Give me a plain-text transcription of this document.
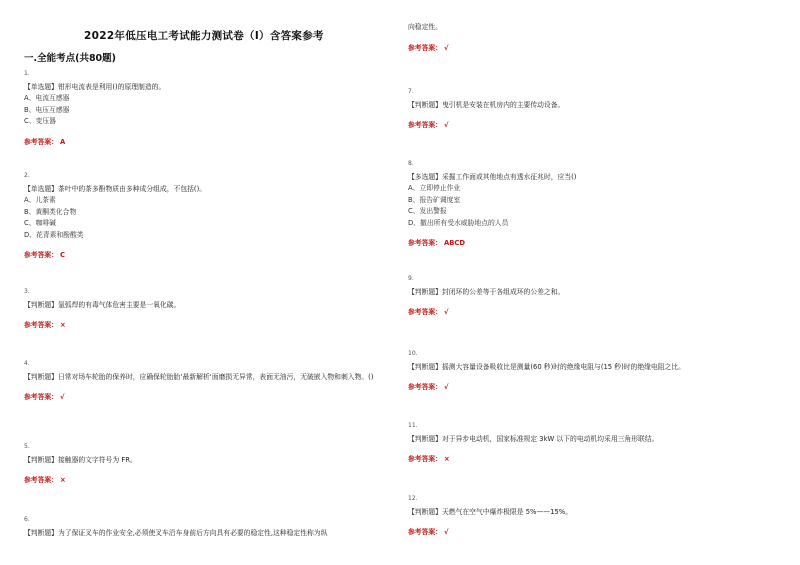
2022年低压电工考试能力测试卷（I）含答案参考
一.全能考点(共80题)
1.
【单选题】钳形电流表是利用()的原理制造的。
A、电流互感器
B、电压互感器
C、变压器
参考答案： A
2.
【单选题】茶叶中的茶多酚物质由多种成分组成，不包括()。
A、儿茶素
B、黄酮类化合物
C、咖啡碱
D、花青素和酚酸类
参考答案： C
3.
【判断题】氩弧焊的有毒气体危害主要是一氧化碳。
参考答案： ×
4.
【判断题】日常对场车轮胎的保养时，应确保轮胎胎‘最新解析‘面磨损无异常，表面无油污，无破嵌入物和刺入物。()
参考答案： √
5.
【判断题】接触器的文字符号为 FR。
参考答案： ×
6.
【判断题】为了保证叉车的作业安全,必须使叉车沿车身前后方向具有必要的稳定性,这种稳定性称为纵
向稳定性。
参考答案： √
7.
【判断题】曳引机是安装在机房内的主要传动设备。
参考答案： √
8.
【多选题】采掘工作面或其他地点有透水征兆时，应当()
A、立即停止作业
B、报告矿调度室
C、发出警报
D、撤出所有受水威胁地点的人员
参考答案： ABCD
9.
【判断题】封闭环的公差等于各组成环的公差之和。
参考答案： √
10.
【判断题】摇测大容量设备吸收比是测量(60 秒)时的绝缘电阻与(15 秒)时的绝缘电阻之比。
参考答案： √
11.
【判断题】对于异步电动机，国家标准规定 3kW 以下的电动机均采用三角形联结。
参考答案： ×
12.
【判断题】天燃气在空气中爆炸极限是 5%——15%。
参考答案： √
